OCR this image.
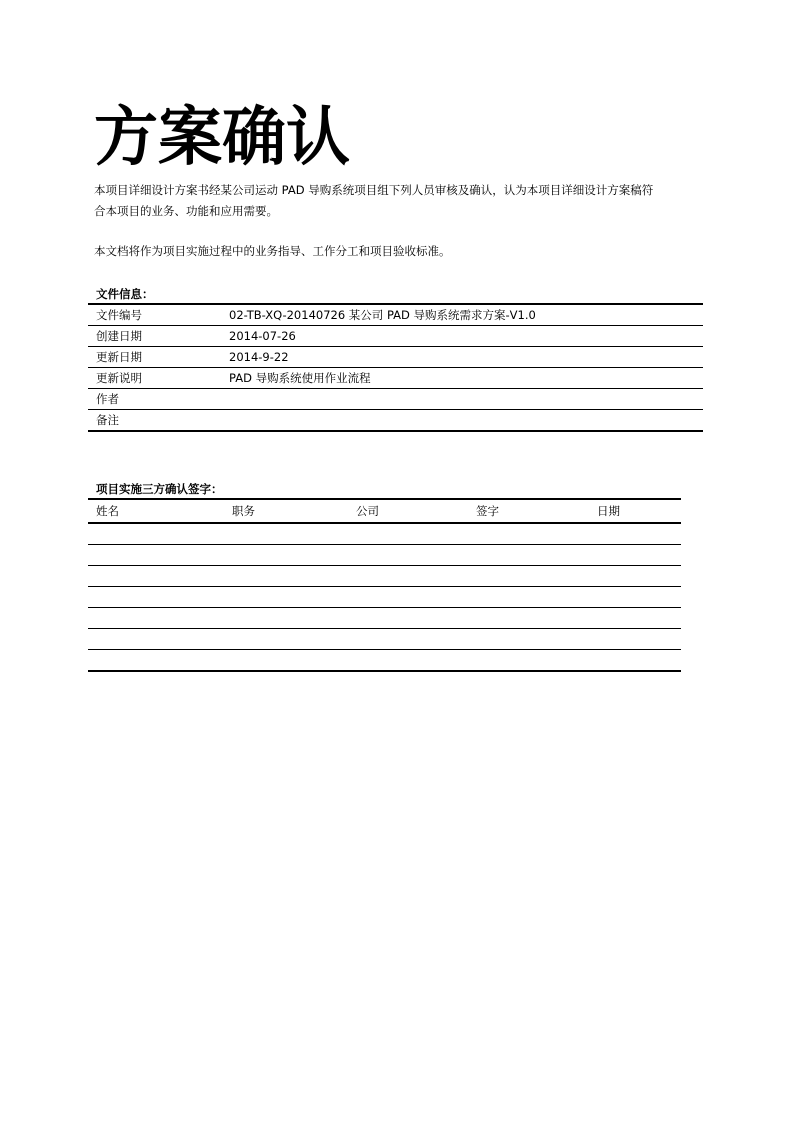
方案确认

本项目详细设计方案书经某公司运动 PAD 导购系统项目组下列人员审核及确认，认为本项目详细设计方案稿符
合本项目的业务、功能和应用需要。

本文档将作为项目实施过程中的业务指导、工作分工和项目验收标准。

文件信息：
文件编号	02-TB-XQ-20140726 某公司 PAD 导购系统需求方案-V1.0
创建日期	2014-07-26
更新日期	2014-9-22
更新说明	PAD 导购系统使用作业流程
作者	
备注	
项目实施三方确认签字：
姓名	职务	公司	签字	日期
